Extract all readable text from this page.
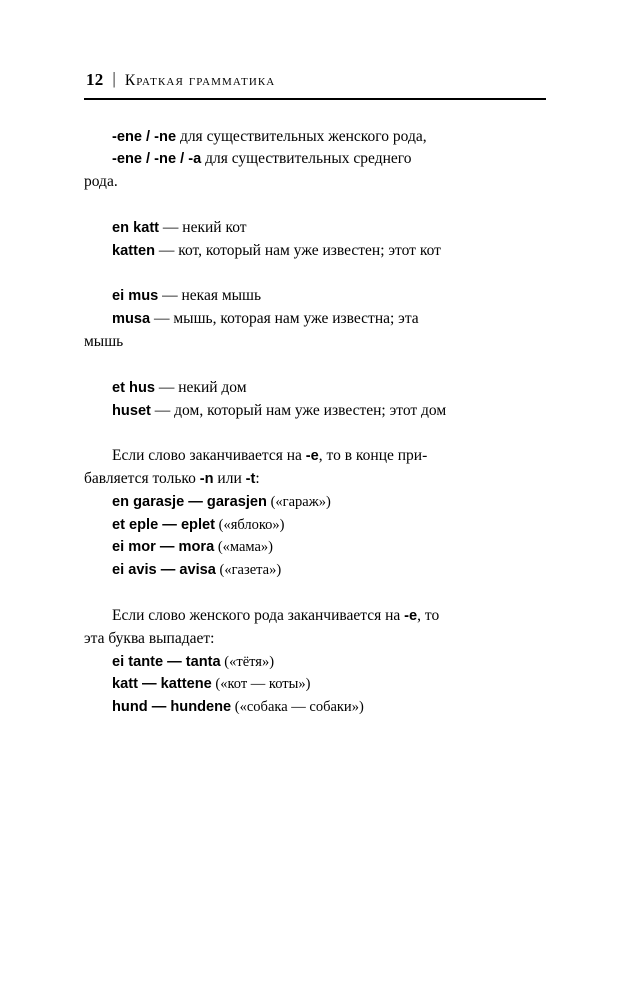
12 | Краткая грамматика

-ene / -ne для существительных женского рода,

-ene / -ne / -a для существительных среднего

рода.

en katt — некий кот

katten — кот, который нам уже известен; этот кот

ei mus — некая мышь

musa — мышь, которая нам уже известна; эта

мышь

et hus — некий дом

huset — дом, который нам уже известен; этот дом

Если слово заканчивается на -e, то в конце при-

бавляется только -n или -t:

en garasje — garasjen («гараж»)

et eple — eplet («яблоко»)

ei mor — mora («мама»)

ei avis — avisa («газета»)

Если слово женского рода заканчивается на -e, то

эта буква выпадает:

ei tante — tanta («тётя»)

katt — kattene («кот — коты»)

hund — hundene («собака — собаки»)
